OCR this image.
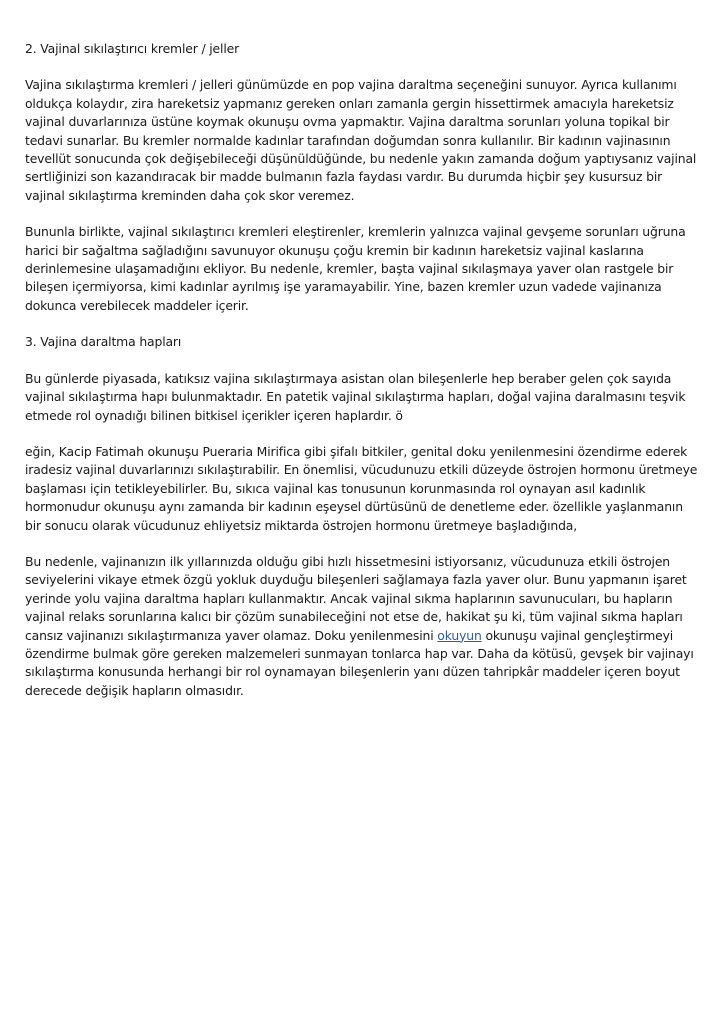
2. Vajinal sıkılaştırıcı kremler / jeller

Vajina sıkılaştırma kremleri / jelleri günümüzde en pop vajina daraltma seçeneğini sunuyor. Ayrıca kullanımı oldukça kolaydır, zira hareketsiz yapmanız gereken onları zamanla gergin hissettirmek amacıyla hareketsiz vajinal duvarlarınıza üstüne koymak okunuşu ovma yapmaktır. Vajina daraltma sorunları yoluna topikal bir tedavi sunarlar. Bu kremler normalde kadınlar tarafından doğumdan sonra kullanılır. Bir kadının vajinasının tevellüt sonucunda çok değişebileceği düşünüldüğünde, bu nedenle yakın zamanda doğum yaptıysanız vajinal sertliğinizi son kazandıracak bir madde bulmanın fazla faydası vardır. Bu durumda hiçbir şey kusursuz bir vajinal sıkılaştırma kreminden daha çok skor veremez.

Bununla birlikte, vajinal sıkılaştırıcı kremleri eleştirenler, kremlerin yalnızca vajinal gevşeme sorunları uğruna harici bir sağaltma sağladığını savunuyor okunuşu çoğu kremin bir kadının hareketsiz vajinal kaslarına derinlemesine ulaşamadığını ekliyor. Bu nedenle, kremler, başta vajinal sıkılaşmaya yaver olan rastgele bir bileşen içermiyorsa, kimi kadınlar ayrılmış işe yaramayabilir. Yine, bazen kremler uzun vadede vajinanıza dokunca verebilecek maddeler içerir.

3. Vajina daraltma hapları

Bu günlerde piyasada, katıksız vajina sıkılaştırmaya asistan olan bileşenlerle hep beraber gelen çok sayıda vajinal sıkılaştırma hapı bulunmaktadır. En patetik vajinal sıkılaştırma hapları, doğal vajina daralmasını teşvik etmede rol oynadığı bilinen bitkisel içerikler içeren haplardır. ö

eğin, Kacip Fatimah okunuşu Pueraria Mirifica gibi şifalı bitkiler, genital doku yenilenmesini özendirme ederek iradesiz vajinal duvarlarınızı sıkılaştırabilir. En önemlisi, vücudunuzu etkili düzeyde östrojen hormonu üretmeye başlaması için tetikleyebilirler. Bu, sıkıca vajinal kas tonusunun korunmasında rol oynayan asıl kadınlık hormonudur okunuşu aynı zamanda bir kadının eşeysel dürtüsünü de denetleme eder. özellikle yaşlanmanın bir sonucu olarak vücudunuz ehliyetsiz miktarda östrojen hormonu üretmeye başladığında,

Bu nedenle, vajinanızın ilk yıllarınızda olduğu gibi hızlı hissetmesini istiyorsanız, vücudunuza etkili östrojen seviyelerini vikaye etmek özgü yokluk duyduğu bileşenleri sağlamaya fazla yaver olur. Bunu yapmanın işaret yerinde yolu vajina daraltma hapları kullanmaktır. Ancak vajinal sıkma haplarının savunucuları, bu hapların vajinal relaks sorunlarına kalıcı bir çözüm sunabileceğini not etse de, hakikat şu ki, tüm vajinal sıkma hapları cansız vajinanızı sıkılaştırmanıza yaver olamaz. Doku yenilenmesini okuyun okunuşu vajinal gençleştirmeyi özendirme bulmak göre gereken malzemeleri sunmayan tonlarca hap var. Daha da kötüsü, gevşek bir vajinayı sıkılaştırma konusunda herhangi bir rol oynamayan bileşenlerin yanı düzen tahripkâr maddeler içeren boyut derecede değişik hapların olmasıdır.
